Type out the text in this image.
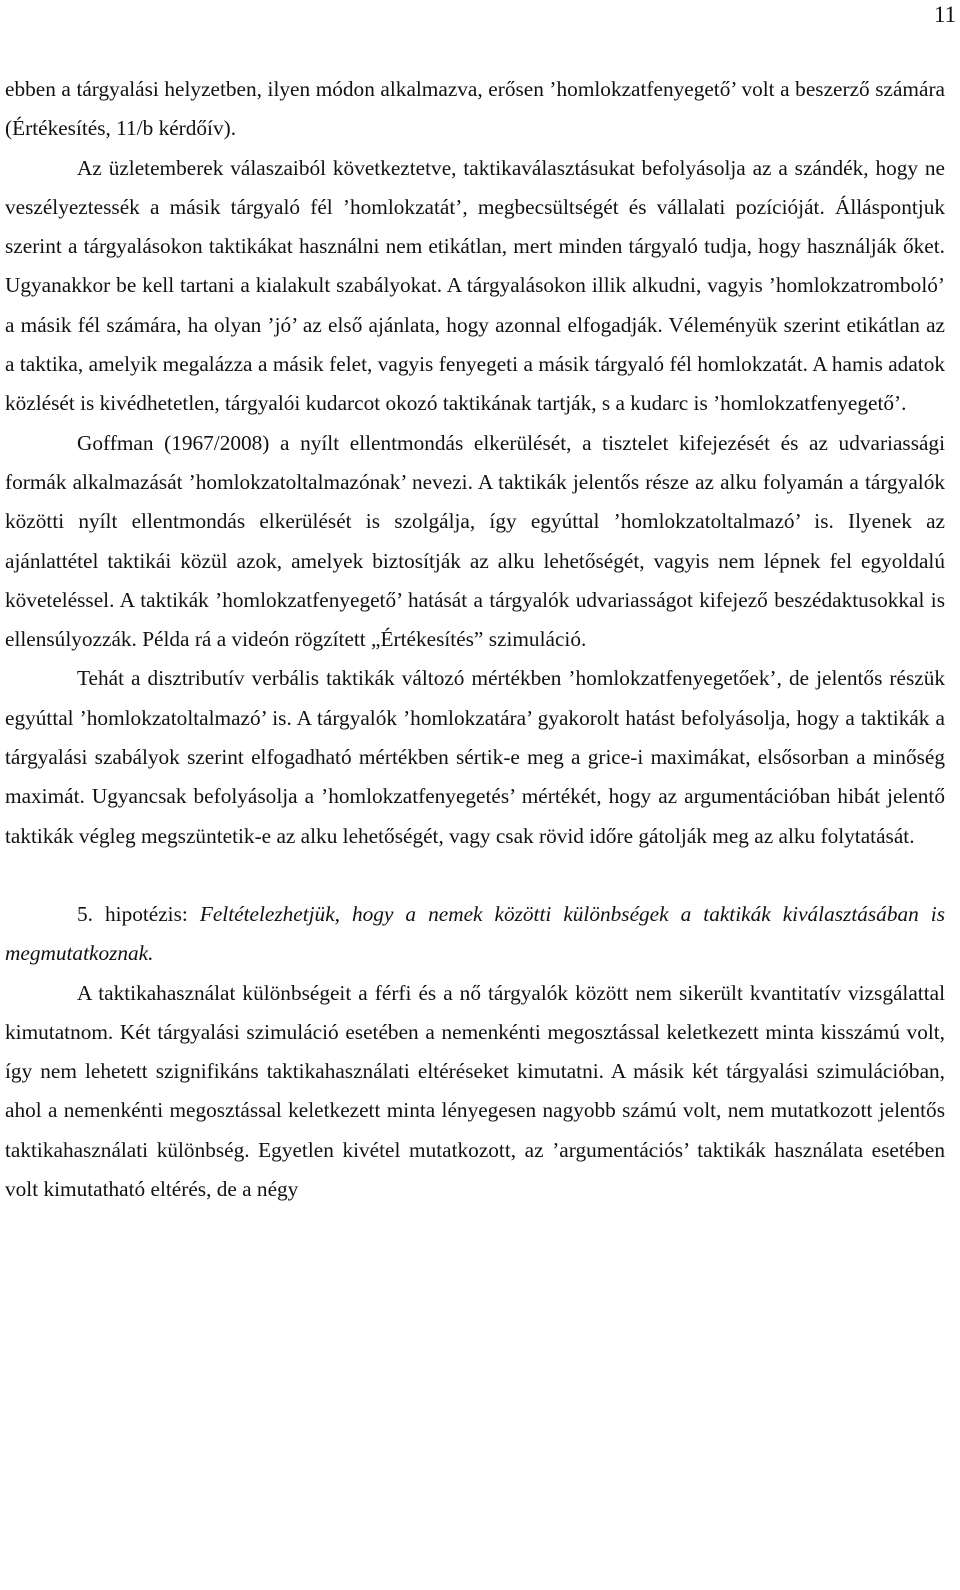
11

ebben a tárgyalási helyzetben, ilyen módon alkalmazva, erősen ’homlokzatfenyegető’ volt a beszerző számára (Értékesítés, 11/b kérdőív).

Az üzletemberek válaszaiból következtetve, taktikaválasztásukat befolyásolja az a szándék, hogy ne veszélyeztessék a másik tárgyaló fél ’homlokzatát’, megbecsültségét és vállalati pozícióját. Álláspontjuk szerint a tárgyalásokon taktikákat használni nem etikátlan, mert minden tárgyaló tudja, hogy használják őket. Ugyanakkor be kell tartani a kialakult szabályokat. A tárgyalásokon illik alkudni, vagyis ’homlokzatromboló’ a másik fél számára, ha olyan ’jó’ az első ajánlata, hogy azonnal elfogadják. Véleményük szerint etikátlan az a taktika, amelyik megalázza a másik felet, vagyis fenyegeti a másik tárgyaló fél homlokzatát. A hamis adatok közlését is kivédhetetlen, tárgyalói kudarcot okozó taktikának tartják, s a kudarc is ’homlokzatfenyegető’.

Goffman (1967/2008) a nyílt ellentmondás elkerülését, a tisztelet kifejezését és az udvariassági formák alkalmazását ’homlokzatoltalmazónak’ nevezi. A taktikák jelentős része az alku folyamán a tárgyalók közötti nyílt ellentmondás elkerülését is szolgálja, így egyúttal ’homlokzatoltalmazó’ is. Ilyenek az ajánlattétel taktikái közül azok, amelyek biztosítják az alku lehetőségét, vagyis nem lépnek fel egyoldalú követeléssel. A taktikák ’homlokzatfenyegető’ hatását a tárgyalók udvariasságot kifejező beszédaktusokkal is ellensúlyozzák. Példa rá a videón rögzített „Értékesítés” szimuláció.

Tehát a disztributív verbális taktikák változó mértékben ’homlokzatfenyegetőek’, de jelentős részük egyúttal ’homlokzatoltalmazó’ is. A tárgyalók ’homlokzatára’ gyakorolt hatást befolyásolja, hogy a taktikák a tárgyalási szabályok szerint elfogadható mértékben sértik-e meg a grice-i maximákat, elsősorban a minőség maximát. Ugyancsak befolyásolja a ’homlokzatfenyegetés’ mértékét, hogy az argumentációban hibát jelentő taktikák végleg megszüntetik-e az alku lehetőségét, vagy csak rövid időre gátolják meg az alku folytatását.

5. hipotézis: Feltételezhetjük, hogy a nemek közötti különbségek a taktikák kiválasztásában is megmutatkoznak.

A taktikahasználat különbségeit a férfi és a nő tárgyalók között nem sikerült kvantitatív vizsgálattal kimutatnom. Két tárgyalási szimuláció esetében a nemenkénti megosztással keletkezett minta kisszámú volt, így nem lehetett szignifikáns taktikahasználati eltéréseket kimutatni. A másik két tárgyalási szimulációban, ahol a nemenkénti megosztással keletkezett minta lényegesen nagyobb számú volt, nem mutatkozott jelentős taktikahasználati különbség. Egyetlen kivétel mutatkozott, az ’argumentációs’ taktikák használata esetében volt kimutatható eltérés, de a négy
